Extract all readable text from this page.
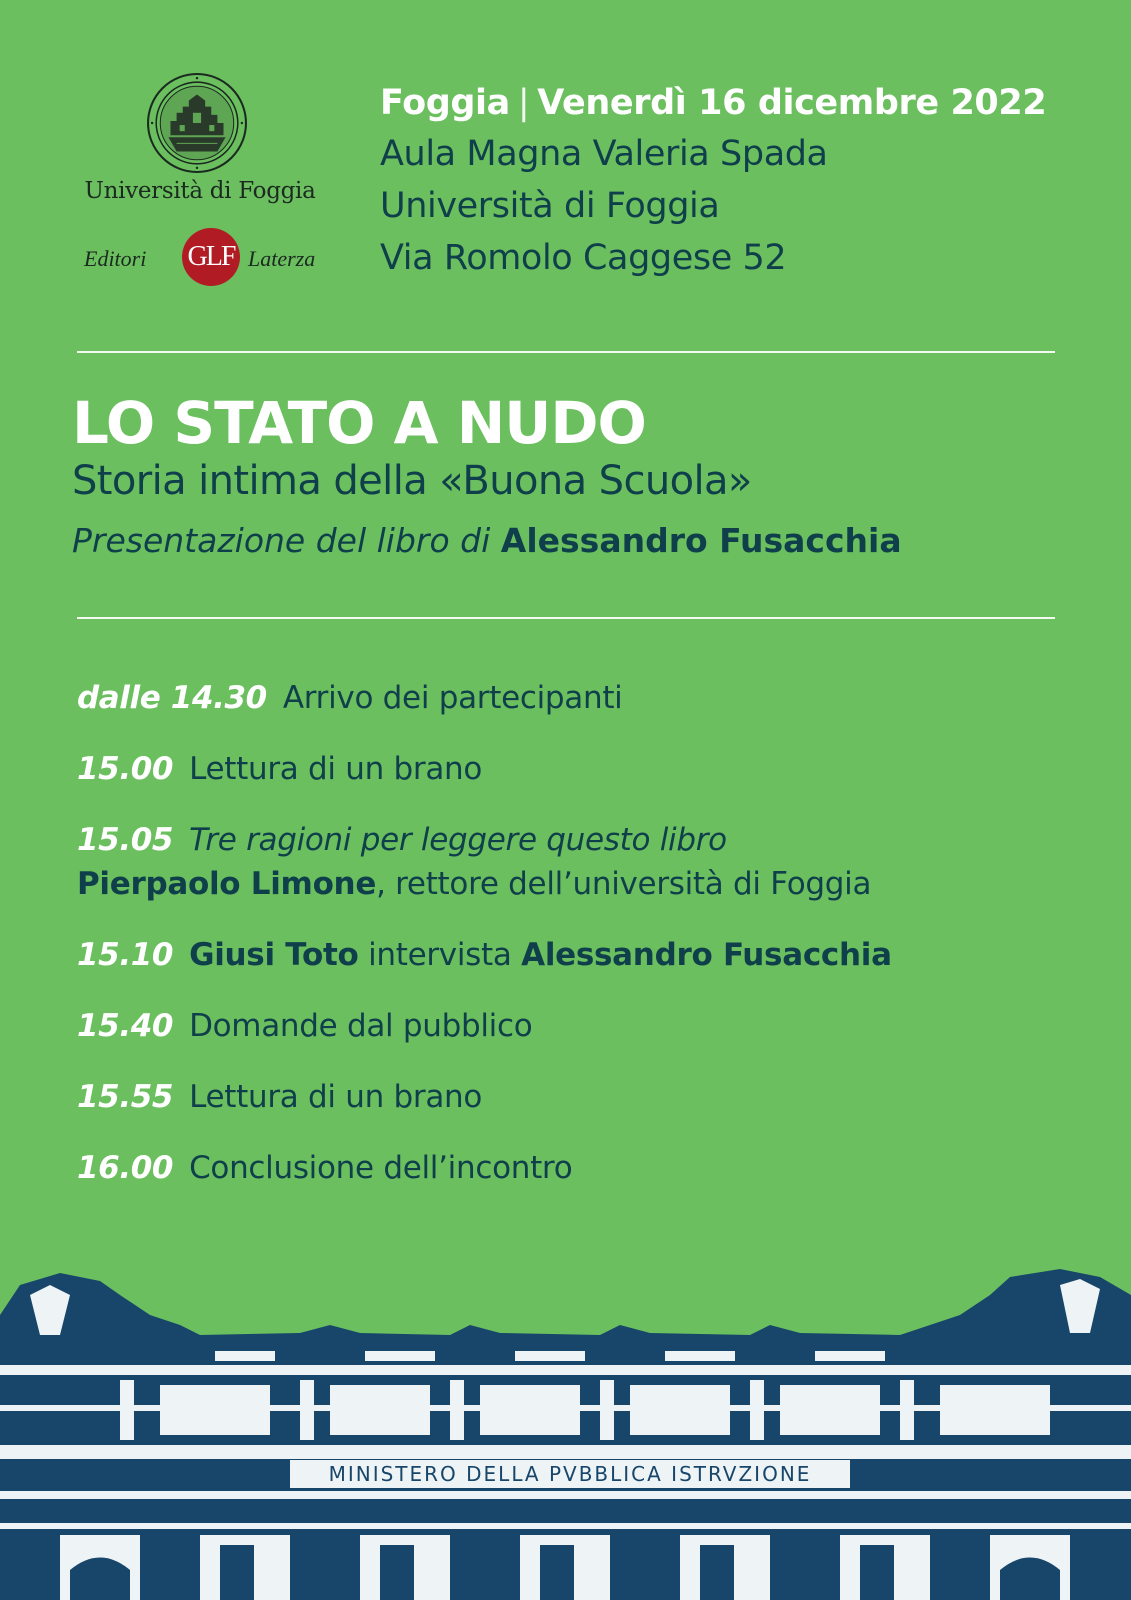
Università di Foggia
Editori GLF Laterza
Foggia | Venerdì 16 dicembre 2022
Aula Magna Valeria Spada
Università di Foggia
Via Romolo Caggese 52
LO STATO A NUDO
Storia intima della «Buona Scuola»
Presentazione del libro di Alessandro Fusacchia
dalle 14.30 Arrivo dei partecipanti
15.00 Lettura di un brano
15.05 Tre ragioni per leggere questo libro
Pierpaolo Limone, rettore dell’università di Foggia
15.10 Giusi Toto intervista Alessandro Fusacchia
15.40 Domande dal pubblico
15.55 Lettura di un brano
16.00 Conclusione dell’incontro
MINISTERO DELLA PVBBLICA ISTRVZIONE
